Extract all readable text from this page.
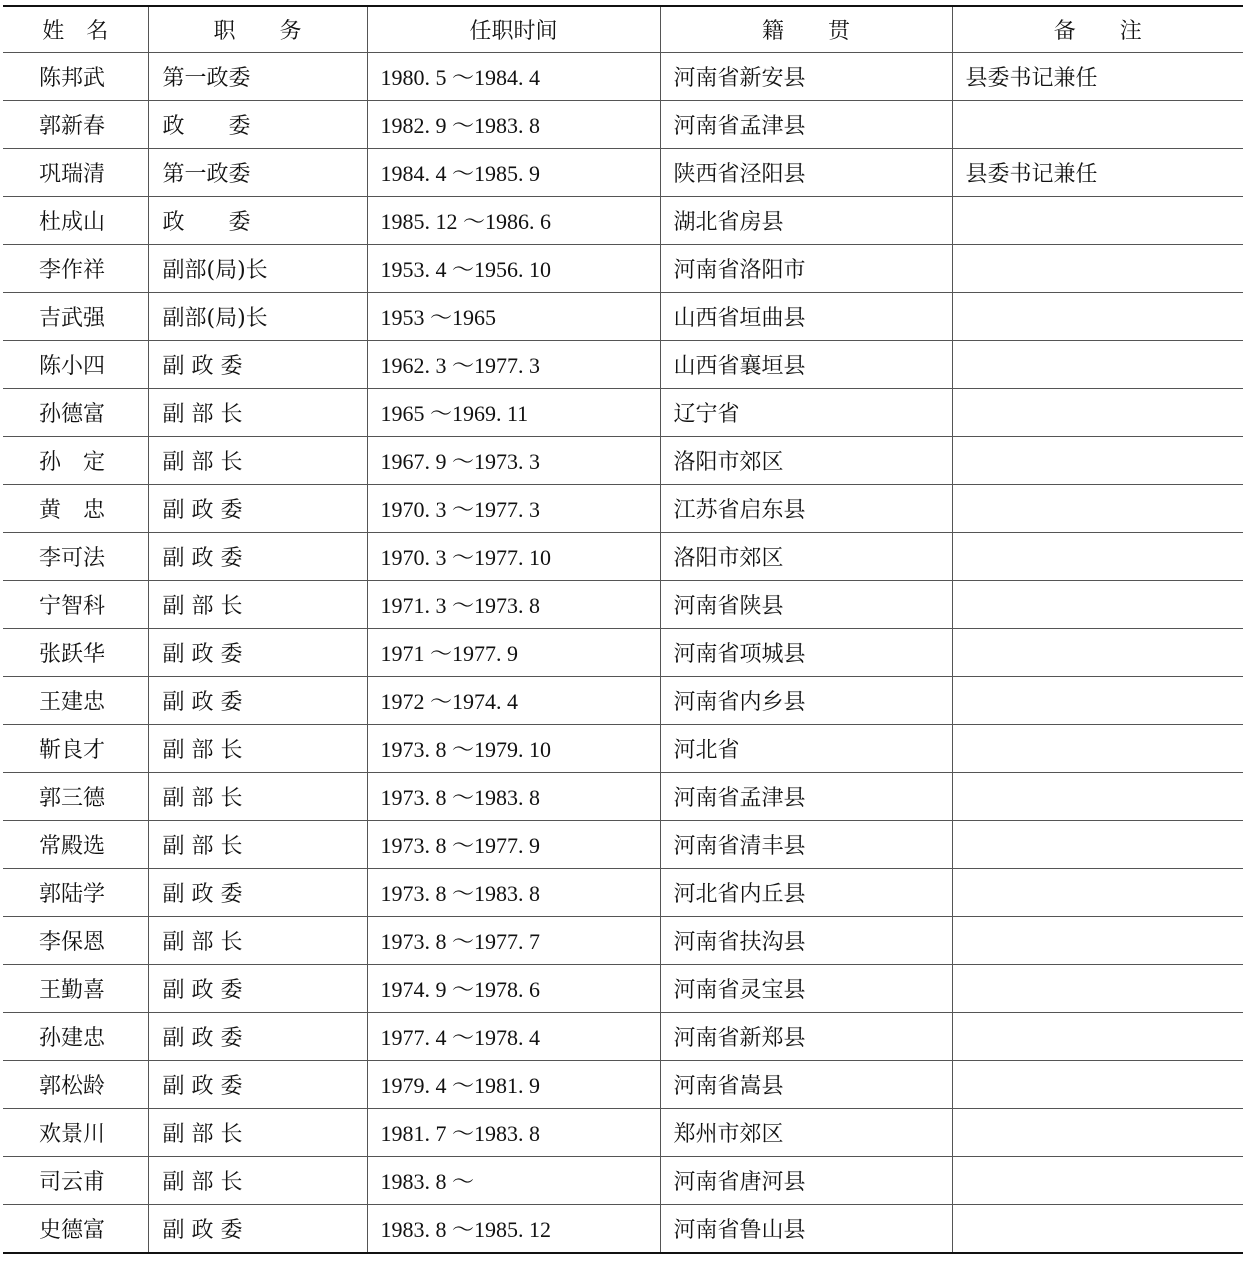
姓　名	职　　务	任职时间	籍　　贯	备　　注
陈邦武	第一政委	1980. 5 ～1984. 4	河南省新安县	县委书记兼任
郭新春	政　　委	1982. 9 ～1983. 8	河南省孟津县	
巩瑞清	第一政委	1984. 4 ～1985. 9	陕西省泾阳县	县委书记兼任
杜成山	政　　委	1985. 12 ～1986. 6	湖北省房县	
李作祥	副部(局)长	1953. 4 ～1956. 10	河南省洛阳市	
吉武强	副部(局)长	1953 ～1965	山西省垣曲县	
陈小四	副 政 委	1962. 3 ～1977. 3	山西省襄垣县	
孙德富	副 部 长	1965 ～1969. 11	辽宁省	
孙　定	副 部 长	1967. 9 ～1973. 3	洛阳市郊区	
黄　忠	副 政 委	1970. 3 ～1977. 3	江苏省启东县	
李可法	副 政 委	1970. 3 ～1977. 10	洛阳市郊区	
宁智科	副 部 长	1971. 3 ～1973. 8	河南省陕县	
张跃华	副 政 委	1971 ～1977. 9	河南省项城县	
王建忠	副 政 委	1972 ～1974. 4	河南省内乡县	
靳良才	副 部 长	1973. 8 ～1979. 10	河北省	
郭三德	副 部 长	1973. 8 ～1983. 8	河南省孟津县	
常殿选	副 部 长	1973. 8 ～1977. 9	河南省清丰县	
郭陆学	副 政 委	1973. 8 ～1983. 8	河北省内丘县	
李保恩	副 部 长	1973. 8 ～1977. 7	河南省扶沟县	
王勤喜	副 政 委	1974. 9 ～1978. 6	河南省灵宝县	
孙建忠	副 政 委	1977. 4 ～1978. 4	河南省新郑县	
郭松龄	副 政 委	1979. 4 ～1981. 9	河南省嵩县	
欢景川	副 部 长	1981. 7 ～1983. 8	郑州市郊区	
司云甫	副 部 长	1983. 8 ～	河南省唐河县	
史德富	副 政 委	1983. 8 ～1985. 12	河南省鲁山县	
